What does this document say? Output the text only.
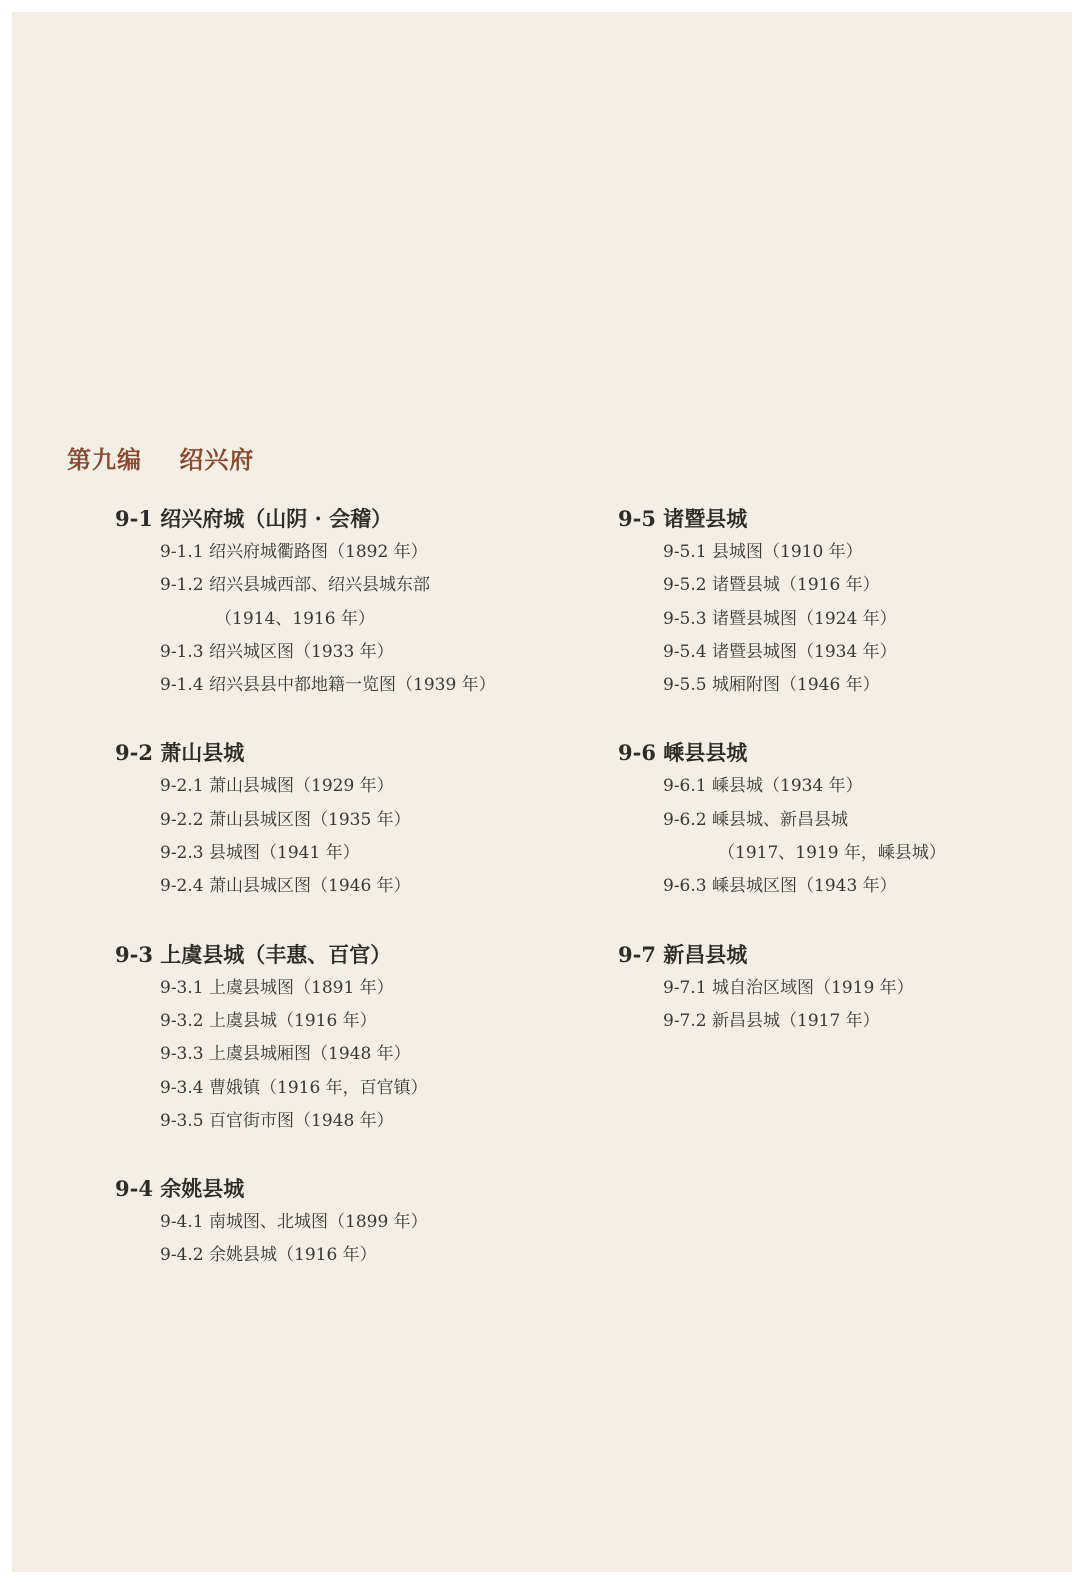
第九编    绍兴府
9-1 绍兴府城（山阴 · 会稽）
9-1.1 绍兴府城衢路图（1892 年）
9-1.2 绍兴县城西部、绍兴县城东部
（1914、1916 年）
9-1.3 绍兴城区图（1933 年）
9-1.4 绍兴县县中都地籍一览图（1939 年）
9-2 萧山县城
9-2.1 萧山县城图（1929 年）
9-2.2 萧山县城区图（1935 年）
9-2.3 县城图（1941 年）
9-2.4 萧山县城区图（1946 年）
9-3 上虞县城（丰惠、百官）
9-3.1 上虞县城图（1891 年）
9-3.2 上虞县城（1916 年）
9-3.3 上虞县城厢图（1948 年）
9-3.4 曹娥镇（1916 年，百官镇）
9-3.5 百官街市图（1948 年）
9-4 余姚县城
9-4.1 南城图、北城图（1899 年）
9-4.2 余姚县城（1916 年）
9-5 诸暨县城
9-5.1 县城图（1910 年）
9-5.2 诸暨县城（1916 年）
9-5.3 诸暨县城图（1924 年）
9-5.4 诸暨县城图（1934 年）
9-5.5 城厢附图（1946 年）
9-6 嵊县县城
9-6.1 嵊县城（1934 年）
9-6.2 嵊县城、新昌县城
（1917、1919 年，嵊县城）
9-6.3 嵊县城区图（1943 年）
9-7 新昌县城
9-7.1 城自治区域图（1919 年）
9-7.2 新昌县城（1917 年）
